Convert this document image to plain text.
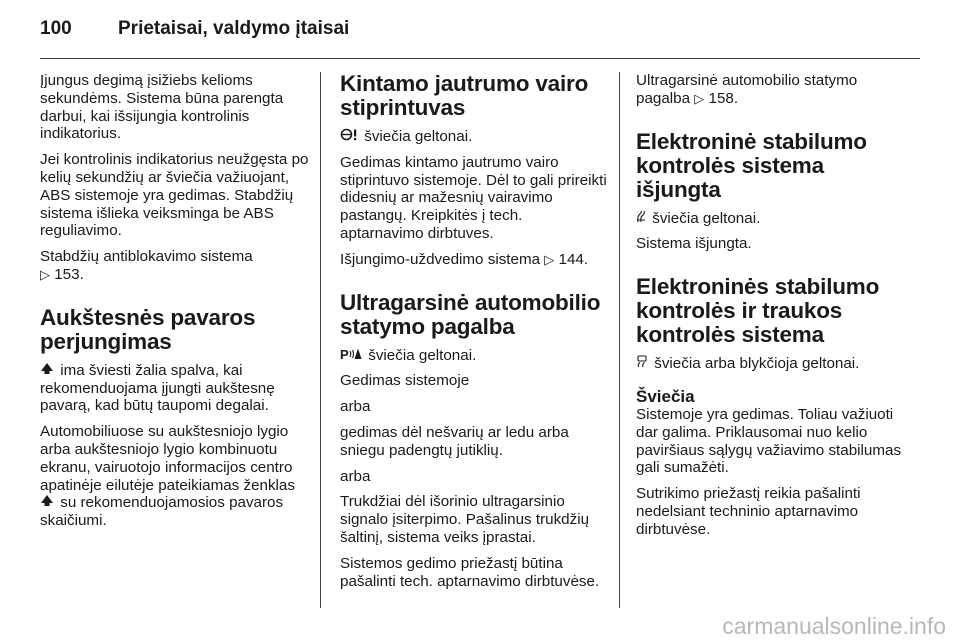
100	Prietaisai, valdymo įtaisai

Įjungus degimą įsižiebs kelioms sekundėms. Sistema būna parengta darbui, kai išsijungia kontrolinis indikatorius.

Jei kontrolinis indikatorius neužgęsta po kelių sekundžių ar šviečia važiuojant, ABS sistemoje yra gedimas. Stabdžių sistema išlieka veiksminga be ABS reguliavimo.

Stabdžių antiblokavimo sistema
▷ 153.

Aukštesnės pavaros perjungimas

ima šviesti žalia spalva, kai rekomenduojama įjungti aukštesnę pavarą, kad būtų taupomi degalai.

Automobiliuose su aukštesniojo lygio arba aukštesniojo lygio kombinuotu ekranu, vairuotojo informacijos centro apatinėje eilutėje pateikiamas ženklas  su rekomenduojamosios pavaros skaičiumi.

Kintamo jautrumo vairo stiprintuvas

šviečia geltonai.

Gedimas kintamo jautrumo vairo stiprintuvo sistemoje. Dėl to gali prireikti didesnių ar mažesnių vairavimo pastangų. Kreipkitės į tech. aptarnavimo dirbtuves.

Išjungimo-uždvedimo sistema ▷ 144.

Ultragarsinė automobilio statymo pagalba

P šviečia geltonai.

Gedimas sistemoje

arba

gedimas dėl nešvarių ar ledu arba sniegu padengtų jutiklių.

arba

Trukdžiai dėl išorinio ultragarsinio signalo įsiterpimo. Pašalinus trukdžių šaltinį, sistema veiks įprastai.

Sistemos gedimo priežastį būtina pašalinti tech. aptarnavimo dirbtuvėse.

Ultragarsinė automobilio statymo pagalba ▷ 158.

Elektroninė stabilumo kontrolės sistema išjungta

šviečia geltonai.

Sistema išjungta.

Elektroninės stabilumo kontrolės ir traukos kontrolės sistema

šviečia arba blykčioja geltonai.

Šviečia

Sistemoje yra gedimas. Toliau važiuoti dar galima. Priklausomai nuo kelio paviršiaus sąlygų važiavimo stabilumas gali sumažėti.

Sutrikimo priežastį reikia pašalinti nedelsiant techninio aptarnavimo dirbtuvėse.

carmanualsonline.info
